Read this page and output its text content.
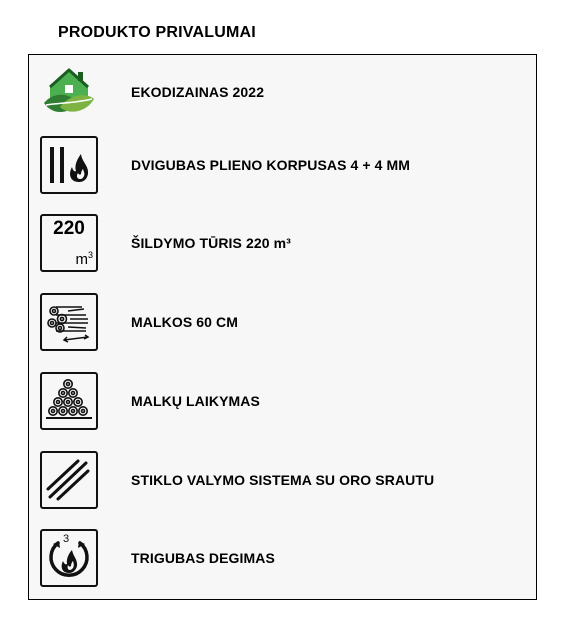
PRODUKTO PRIVALUMAI
EKODIZAINAS 2022
DVIGUBAS PLIENO KORPUSAS 4 + 4 MM
220
$m^3$
ŠILDYMO TŪRIS 220 m³
MALKOS 60 CM
MALKŲ LAIKYMAS
STIKLO VALYMO SISTEMA SU ORO SRAUTU
3
TRIGUBAS DEGIMAS
